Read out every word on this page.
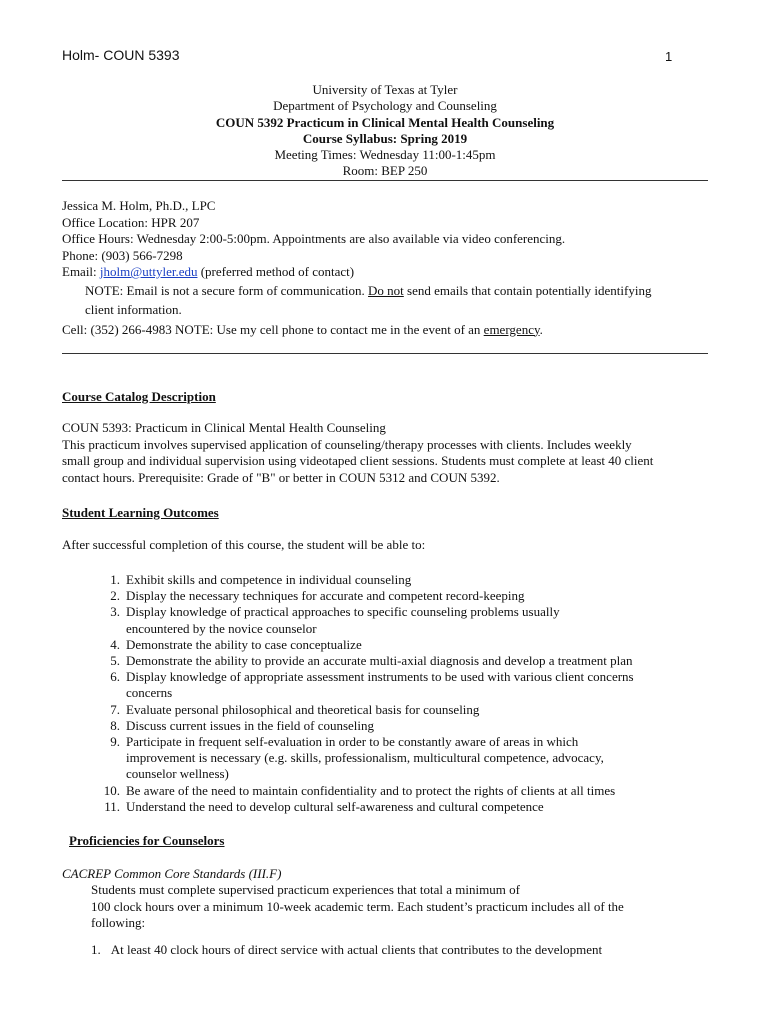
Holm- COUN 5393	1
University of Texas at Tyler
Department of Psychology and Counseling
COUN 5392 Practicum in Clinical Mental Health Counseling
Course Syllabus: Spring 2019
Meeting Times: Wednesday 11:00-1:45pm
Room: BEP 250
Jessica M. Holm, Ph.D., LPC
Office Location: HPR 207
Office Hours: Wednesday 2:00-5:00pm. Appointments are also available via video conferencing.
Phone: (903) 566-7298
Email: jholm@uttyler.edu (preferred method of contact)
NOTE: Email is not a secure form of communication. Do not send emails that contain potentially identifying
client information.
Cell: (352) 266-4983 NOTE: Use my cell phone to contact me in the event of an emergency.
Course Catalog Description
COUN 5393: Practicum in Clinical Mental Health Counseling
This practicum involves supervised application of counseling/therapy processes with clients. Includes weekly
small group and individual supervision using videotaped client sessions. Students must complete at least 40 client
contact hours. Prerequisite: Grade of "B" or better in COUN 5312 and COUN 5392.
Student Learning Outcomes
After successful completion of this course, the student will be able to:
1. Exhibit skills and competence in individual counseling
2. Display the necessary techniques for accurate and competent record-keeping
3. Display knowledge of practical approaches to specific counseling problems usually
encountered by the novice counselor
4. Demonstrate the ability to case conceptualize
5. Demonstrate the ability to provide an accurate multi-axial diagnosis and develop a treatment plan
6. Display knowledge of appropriate assessment instruments to be used with various client concerns
concerns
7. Evaluate personal philosophical and theoretical basis for counseling
8. Discuss current issues in the field of counseling
9. Participate in frequent self-evaluation in order to be constantly aware of areas in which
improvement is necessary (e.g. skills, professionalism, multicultural competence, advocacy,
counselor wellness)
10. Be aware of the need to maintain confidentiality and to protect the rights of clients at all times
11. Understand the need to develop cultural self-awareness and cultural competence
Proficiencies for Counselors
CACREP Common Core Standards (III.F)
Students must complete supervised practicum experiences that total a minimum of
100 clock hours over a minimum 10-week academic term. Each student’s practicum includes all of the
following:
1. At least 40 clock hours of direct service with actual clients that contributes to the development
